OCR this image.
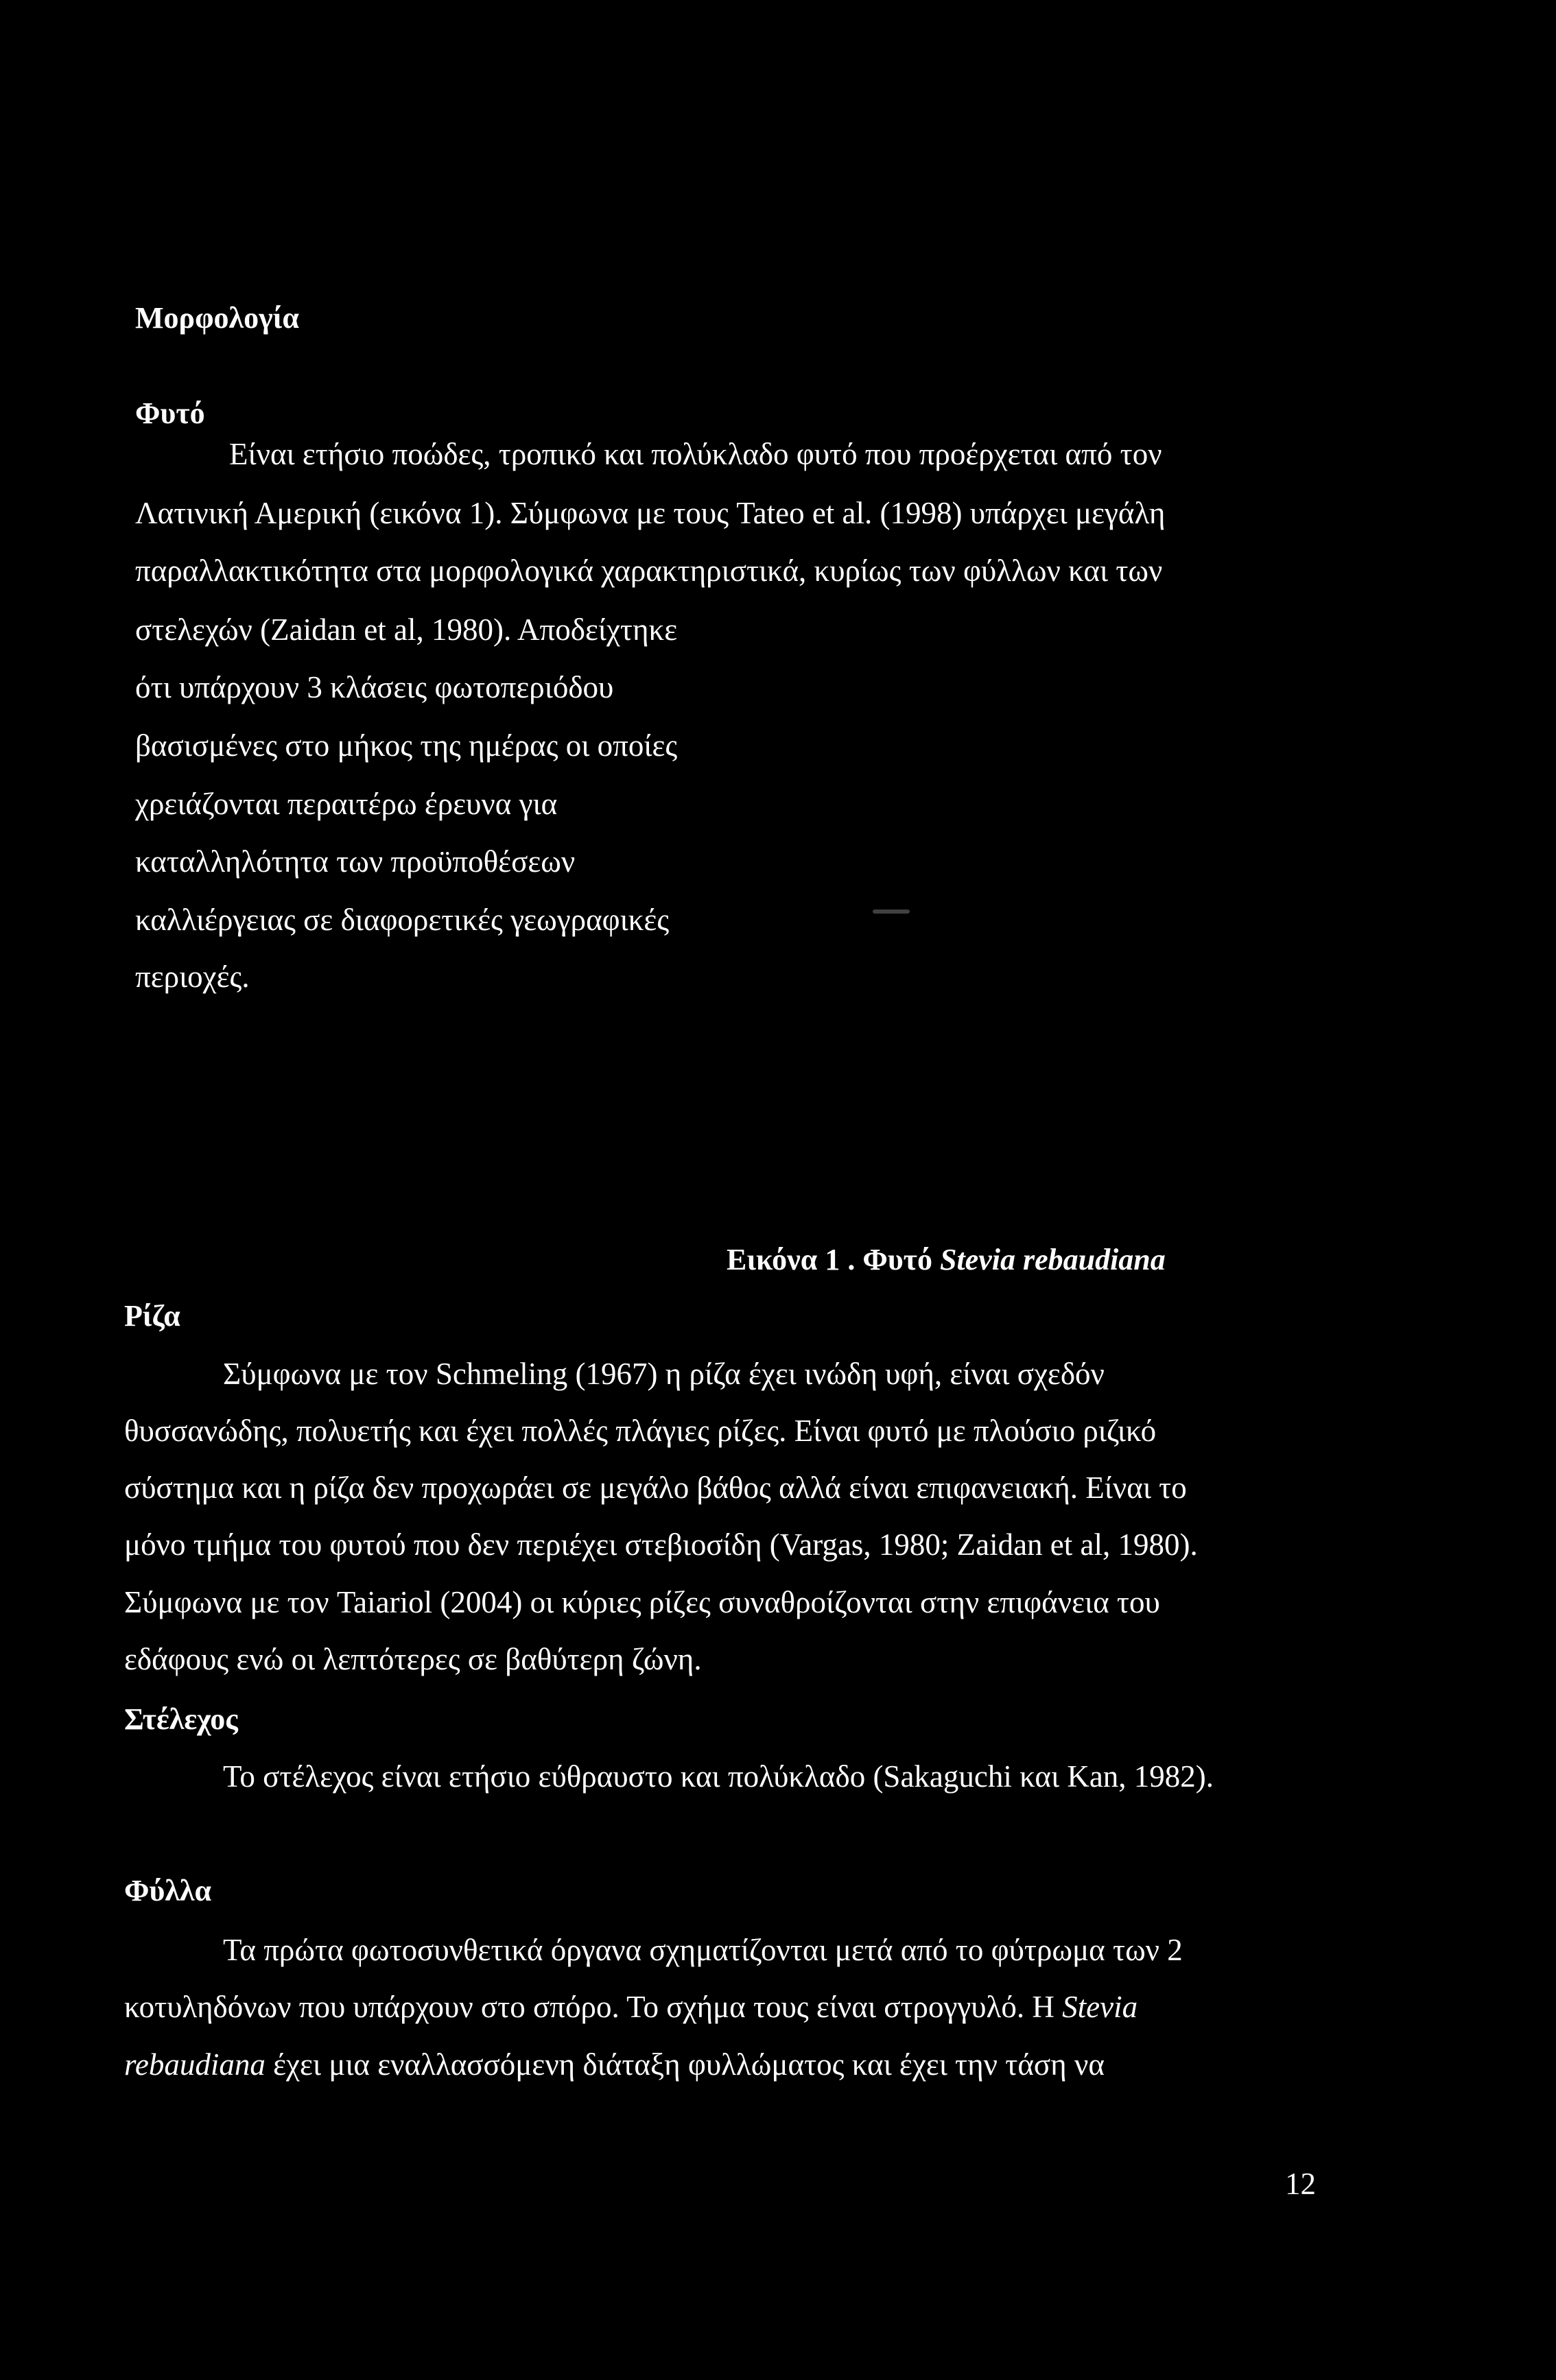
Μορφολογία
Φυτό
Είναι ετήσιο ποώδες, τροπικό και πολύκλαδο φυτό που προέρχεται από τον
Λατινική Αμερική (εικόνα 1). Σύμφωνα με τους Tateo et al. (1998) υπάρχει μεγάλη
παραλλακτικότητα στα μορφολογικά χαρακτηριστικά, κυρίως των φύλλων και των
στελεχών (Zaidan et al, 1980). Αποδείχτηκε
ότι υπάρχουν 3 κλάσεις φωτοπεριόδου
βασισμένες στο μήκος της ημέρας οι οποίες
χρειάζονται περαιτέρω έρευνα για
καταλληλότητα των προϋποθέσεων
καλλιέργειας σε διαφορετικές γεωγραφικές
περιοχές.
Εικόνα 1 . Φυτό Stevia rebaudiana
Ρίζα
Σύμφωνα με τον Schmeling (1967) η ρίζα έχει ινώδη υφή, είναι σχεδόν
θυσσανώδης, πολυετής και έχει πολλές πλάγιες ρίζες. Είναι φυτό με πλούσιο ριζικό
σύστημα και η ρίζα δεν προχωράει σε μεγάλο βάθος αλλά είναι επιφανειακή. Είναι το
μόνο τμήμα του φυτού που δεν περιέχει στεβιοσίδη (Vargas, 1980; Zaidan et al, 1980).
Σύμφωνα με τον Taiariol (2004) οι κύριες ρίζες συναθροίζονται στην επιφάνεια του
εδάφους ενώ οι λεπτότερες σε βαθύτερη ζώνη.
Στέλεχος
Το στέλεχος είναι ετήσιο εύθραυστο και πολύκλαδο (Sakaguchi και Kan, 1982).
Φύλλα
Τα πρώτα φωτοσυνθετικά όργανα σχηματίζονται μετά από το φύτρωμα των 2
κοτυληδόνων που υπάρχουν στο σπόρο. Το σχήμα τους είναι στρογγυλό. Η Stevia
rebaudiana έχει μια εναλλασσόμενη διάταξη φυλλώματος και έχει την τάση να
12
